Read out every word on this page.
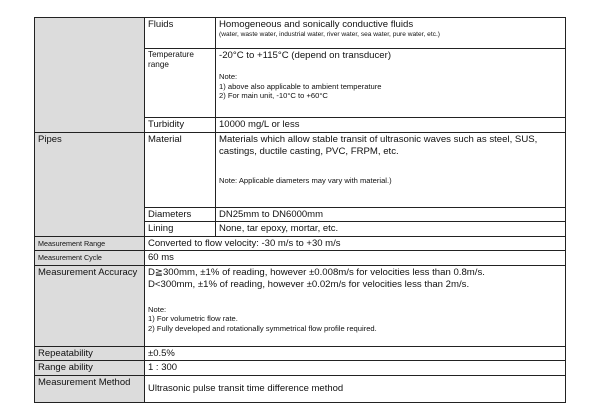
	Fluids	Homogeneous and sonically conductive fluids
(water, waste water, industrial water, river water, sea water, pure water, etc.)

	Temperature range	-20°C to +115°C (depend on transducer)
Note:
1) above also applicable to ambient temperature
2) For main unit, -10°C to +60°C

	Turbidity	10000 mg/L or less
Pipes	Material	Materials which allow stable transit of ultrasonic waves such as steel, SUS, castings, ductile casting, PVC, FRPM, etc.
Note: Applicable diameters may vary with material.)

	Diameters	DN25mm to DN6000mm
	Lining	None, tar epoxy, mortar, etc.
Measurement Range	Converted to flow velocity: -30 m/s to +30 m/s	
Measurement Cycle	60 ms	
Measurement Accuracy	D≧300mm, ±1% of reading, however ±0.008m/s for velocities less than 0.8m/s.
D<300mm, ±1% of reading, however ±0.02m/s for velocities less than 2m/s.
Note:
1) For volumetric flow rate.
2) Fully developed and rotationally symmetrical flow profile required.	

Repeatability	±0.5%	
Range ability	1 : 300	
Measurement Method	Ultrasonic pulse transit time difference method	
